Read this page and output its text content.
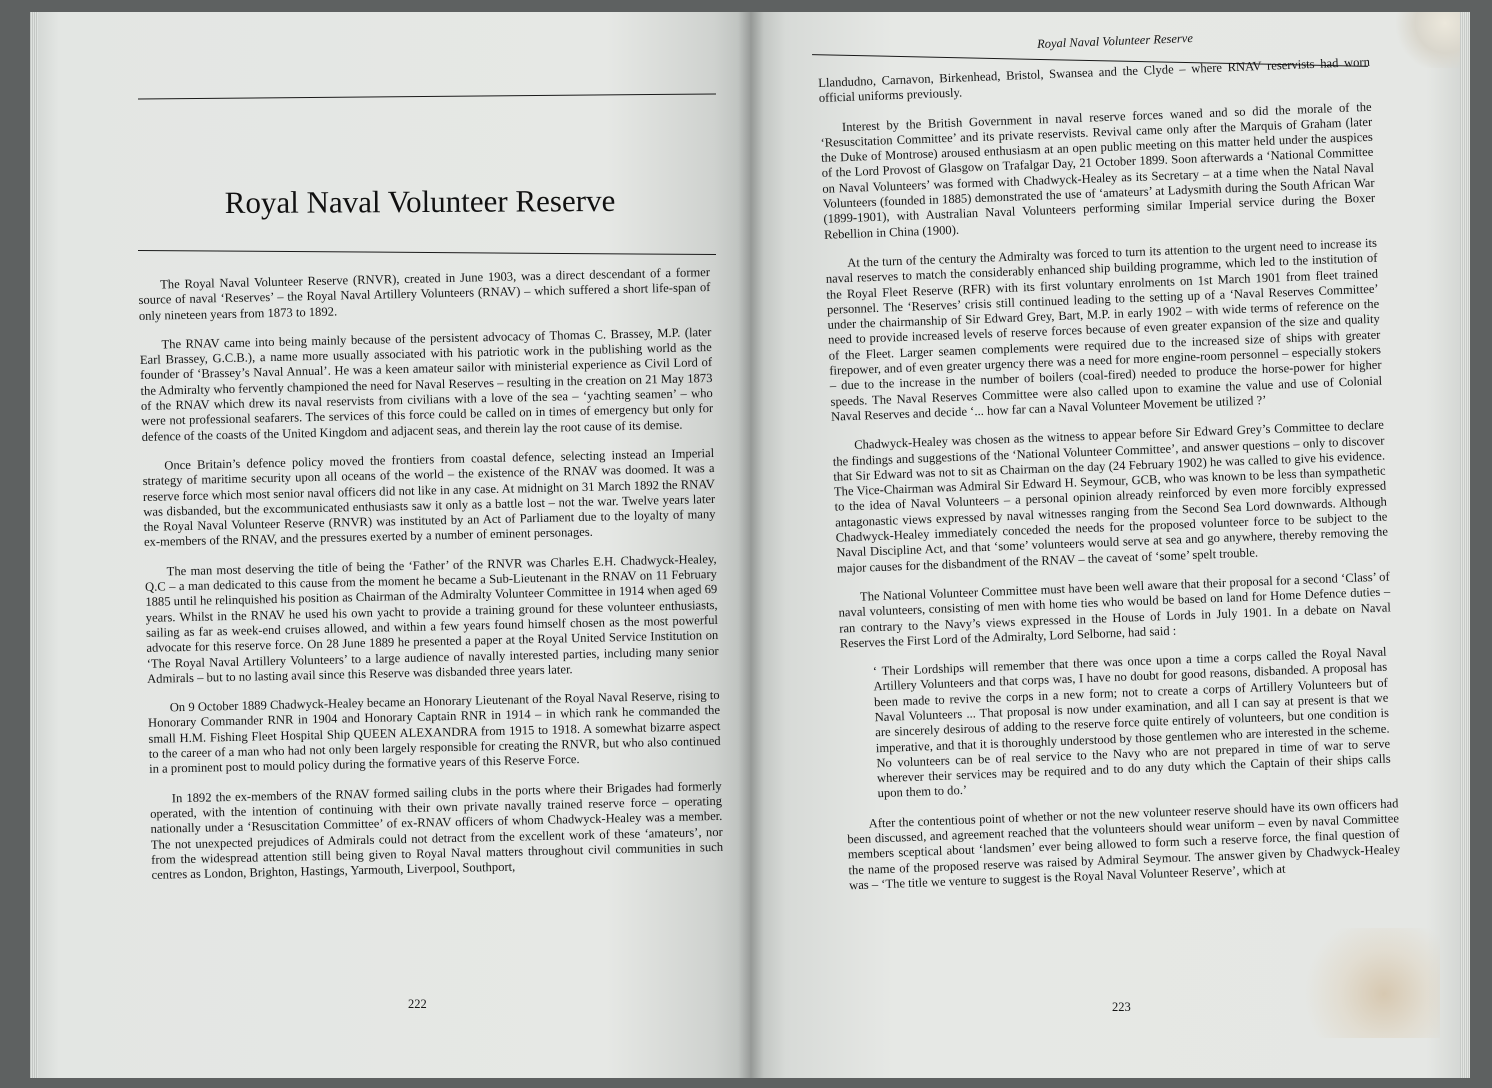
Royal Naval Volunteer Reserve

The Royal Naval Volunteer Reserve (RNVR), created in June 1903, was a direct descendant of a former source of naval ‘Reserves’ – the Royal Naval Artillery Volunteers (RNAV) – which suffered a short life-span of only nineteen years from 1873 to 1892.

The RNAV came into being mainly because of the persistent advocacy of Thomas C. Brassey, M.P. (later Earl Brassey, G.C.B.), a name more usually associated with his patriotic work in the publishing world as the founder of ‘Brassey’s Naval Annual’. He was a keen amateur sailor with ministerial experience as Civil Lord of the Admiralty who fervently championed the need for Naval Reserves – resulting in the creation on 21 May 1873 of the RNAV which drew its naval reservists from civilians with a love of the sea – ‘yachting seamen’ – who were not professional seafarers. The services of this force could be called on in times of emergency but only for defence of the coasts of the United Kingdom and adjacent seas, and therein lay the root cause of its demise.

Once Britain’s defence policy moved the frontiers from coastal defence, selecting instead an Imperial strategy of maritime security upon all oceans of the world – the existence of the RNAV was doomed. It was a reserve force which most senior naval officers did not like in any case. At midnight on 31 March 1892 the RNAV was disbanded, but the excommunicated enthusiasts saw it only as a battle lost – not the war. Twelve years later the Royal Naval Volunteer Reserve (RNVR) was instituted by an Act of Parliament due to the loyalty of many ex-members of the RNAV, and the pressures exerted by a number of eminent personages.

The man most deserving the title of being the ‘Father’ of the RNVR was Charles E.H. Chadwyck-Healey, Q.C – a man dedicated to this cause from the moment he became a Sub-Lieutenant in the RNAV on 11 February 1885 until he relinquished his position as Chairman of the Admiralty Volunteer Committee in 1914 when aged 69 years. Whilst in the RNAV he used his own yacht to provide a training ground for these volunteer enthusiasts, sailing as far as week-end cruises allowed, and within a few years found himself chosen as the most powerful advocate for this reserve force. On 28 June 1889 he presented a paper at the Royal United Service Institution on ‘The Royal Naval Artillery Volunteers’ to a large audience of navally interested parties, including many senior Admirals – but to no lasting avail since this Reserve was disbanded three years later.

On 9 October 1889 Chadwyck-Healey became an Honorary Lieutenant of the Royal Naval Reserve, rising to Honorary Commander RNR in 1904 and Honorary Captain RNR in 1914 – in which rank he commanded the small H.M. Fishing Fleet Hospital Ship QUEEN ALEXANDRA from 1915 to 1918. A somewhat bizarre aspect to the career of a man who had not only been largely responsible for creating the RNVR, but who also continued in a prominent post to mould policy during the formative years of this Reserve Force.

In 1892 the ex-members of the RNAV formed sailing clubs in the ports where their Brigades had formerly operated, with the intention of continuing with their own private navally trained reserve force – operating nationally under a ‘Resuscitation Committee’ of ex-RNAV officers of whom Chadwyck-Healey was a member. The not unexpected prejudices of Admirals could not detract from the excellent work of these ‘amateurs’, nor from the widespread attention still being given to Royal Naval matters throughout civil communities in such centres as London, Brighton, Hastings, Yarmouth, Liverpool, Southport,

222

Royal Naval Volunteer Reserve

Llandudno, Carnavon, Birkenhead, Bristol, Swansea and the Clyde – where RNAV reservists had worn official uniforms previously.

Interest by the British Government in naval reserve forces waned and so did the morale of the ‘Resuscitation Committee’ and its private reservists. Revival came only after the Marquis of Graham (later the Duke of Montrose) aroused enthusiasm at an open public meeting on this matter held under the auspices of the Lord Provost of Glasgow on Trafalgar Day, 21 October 1899. Soon afterwards a ‘National Committee on Naval Volunteers’ was formed with Chadwyck-Healey as its Secretary – at a time when the Natal Naval Volunteers (founded in 1885) demonstrated the use of ‘amateurs’ at Ladysmith during the South African War (1899-1901), with Australian Naval Volunteers performing similar Imperial service during the Boxer Rebellion in China (1900).

At the turn of the century the Admiralty was forced to turn its attention to the urgent need to increase its naval reserves to match the considerably enhanced ship building programme, which led to the institution of the Royal Fleet Reserve (RFR) with its first voluntary enrolments on 1st March 1901 from fleet trained personnel. The ‘Reserves’ crisis still continued leading to the setting up of a ‘Naval Reserves Committee’ under the chairmanship of Sir Edward Grey, Bart, M.P. in early 1902 – with wide terms of reference on the need to provide increased levels of reserve forces because of even greater expansion of the size and quality of the Fleet. Larger seamen complements were required due to the increased size of ships with greater firepower, and of even greater urgency there was a need for more engine-room personnel – especially stokers – due to the increase in the number of boilers (coal-fired) needed to produce the horse-power for higher speeds. The Naval Reserves Committee were also called upon to examine the value and use of Colonial Naval Reserves and decide ‘... how far can a Naval Volunteer Movement be utilized ?’

Chadwyck-Healey was chosen as the witness to appear before Sir Edward Grey’s Committee to declare the findings and suggestions of the ‘National Volunteer Committee’, and answer questions – only to discover that Sir Edward was not to sit as Chairman on the day (24 February 1902) he was called to give his evidence. The Vice-Chairman was Admiral Sir Edward H. Seymour, GCB, who was known to be less than sympathetic to the idea of Naval Volunteers – a personal opinion already reinforced by even more forcibly expressed antagonastic views expressed by naval witnesses ranging from the Second Sea Lord downwards. Although Chadwyck-Healey immediately conceded the needs for the proposed volunteer force to be subject to the Naval Discipline Act, and that ‘some’ volunteers would serve at sea and go anywhere, thereby removing the major causes for the disbandment of the RNAV – the caveat of ‘some’ spelt trouble.

The National Volunteer Committee must have been well aware that their proposal for a second ‘Class’ of naval volunteers, consisting of men with home ties who would be based on land for Home Defence duties – ran contrary to the Navy’s views expressed in the House of Lords in July 1901. In a debate on Naval Reserves the First Lord of the Admiralty, Lord Selborne, had said :

‘ Their Lordships will remember that there was once upon a time a corps called the Royal Naval Artillery Volunteers and that corps was, I have no doubt for good reasons, disbanded. A proposal has been made to revive the corps in a new form; not to create a corps of Artillery Volunteers but of Naval Volunteers ... That proposal is now under examination, and all I can say at present is that we are sincerely desirous of adding to the reserve force quite entirely of volunteers, but one condition is imperative, and that it is thoroughly understood by those gentlemen who are interested in the scheme. No volunteers can be of real service to the Navy who are not prepared in time of war to serve wherever their services may be required and to do any duty which the Captain of their ships calls upon them to do.’

After the contentious point of whether or not the new volunteer reserve should have its own officers had been discussed, and agreement reached that the volunteers should wear uniform – even by naval Committee members sceptical about ‘landsmen’ ever being allowed to form such a reserve force, the final question of the name of the proposed reserve was raised by Admiral Seymour. The answer given by Chadwyck-Healey was – ‘The title we venture to suggest is the Royal Naval Volunteer Reserve’, which at

223
